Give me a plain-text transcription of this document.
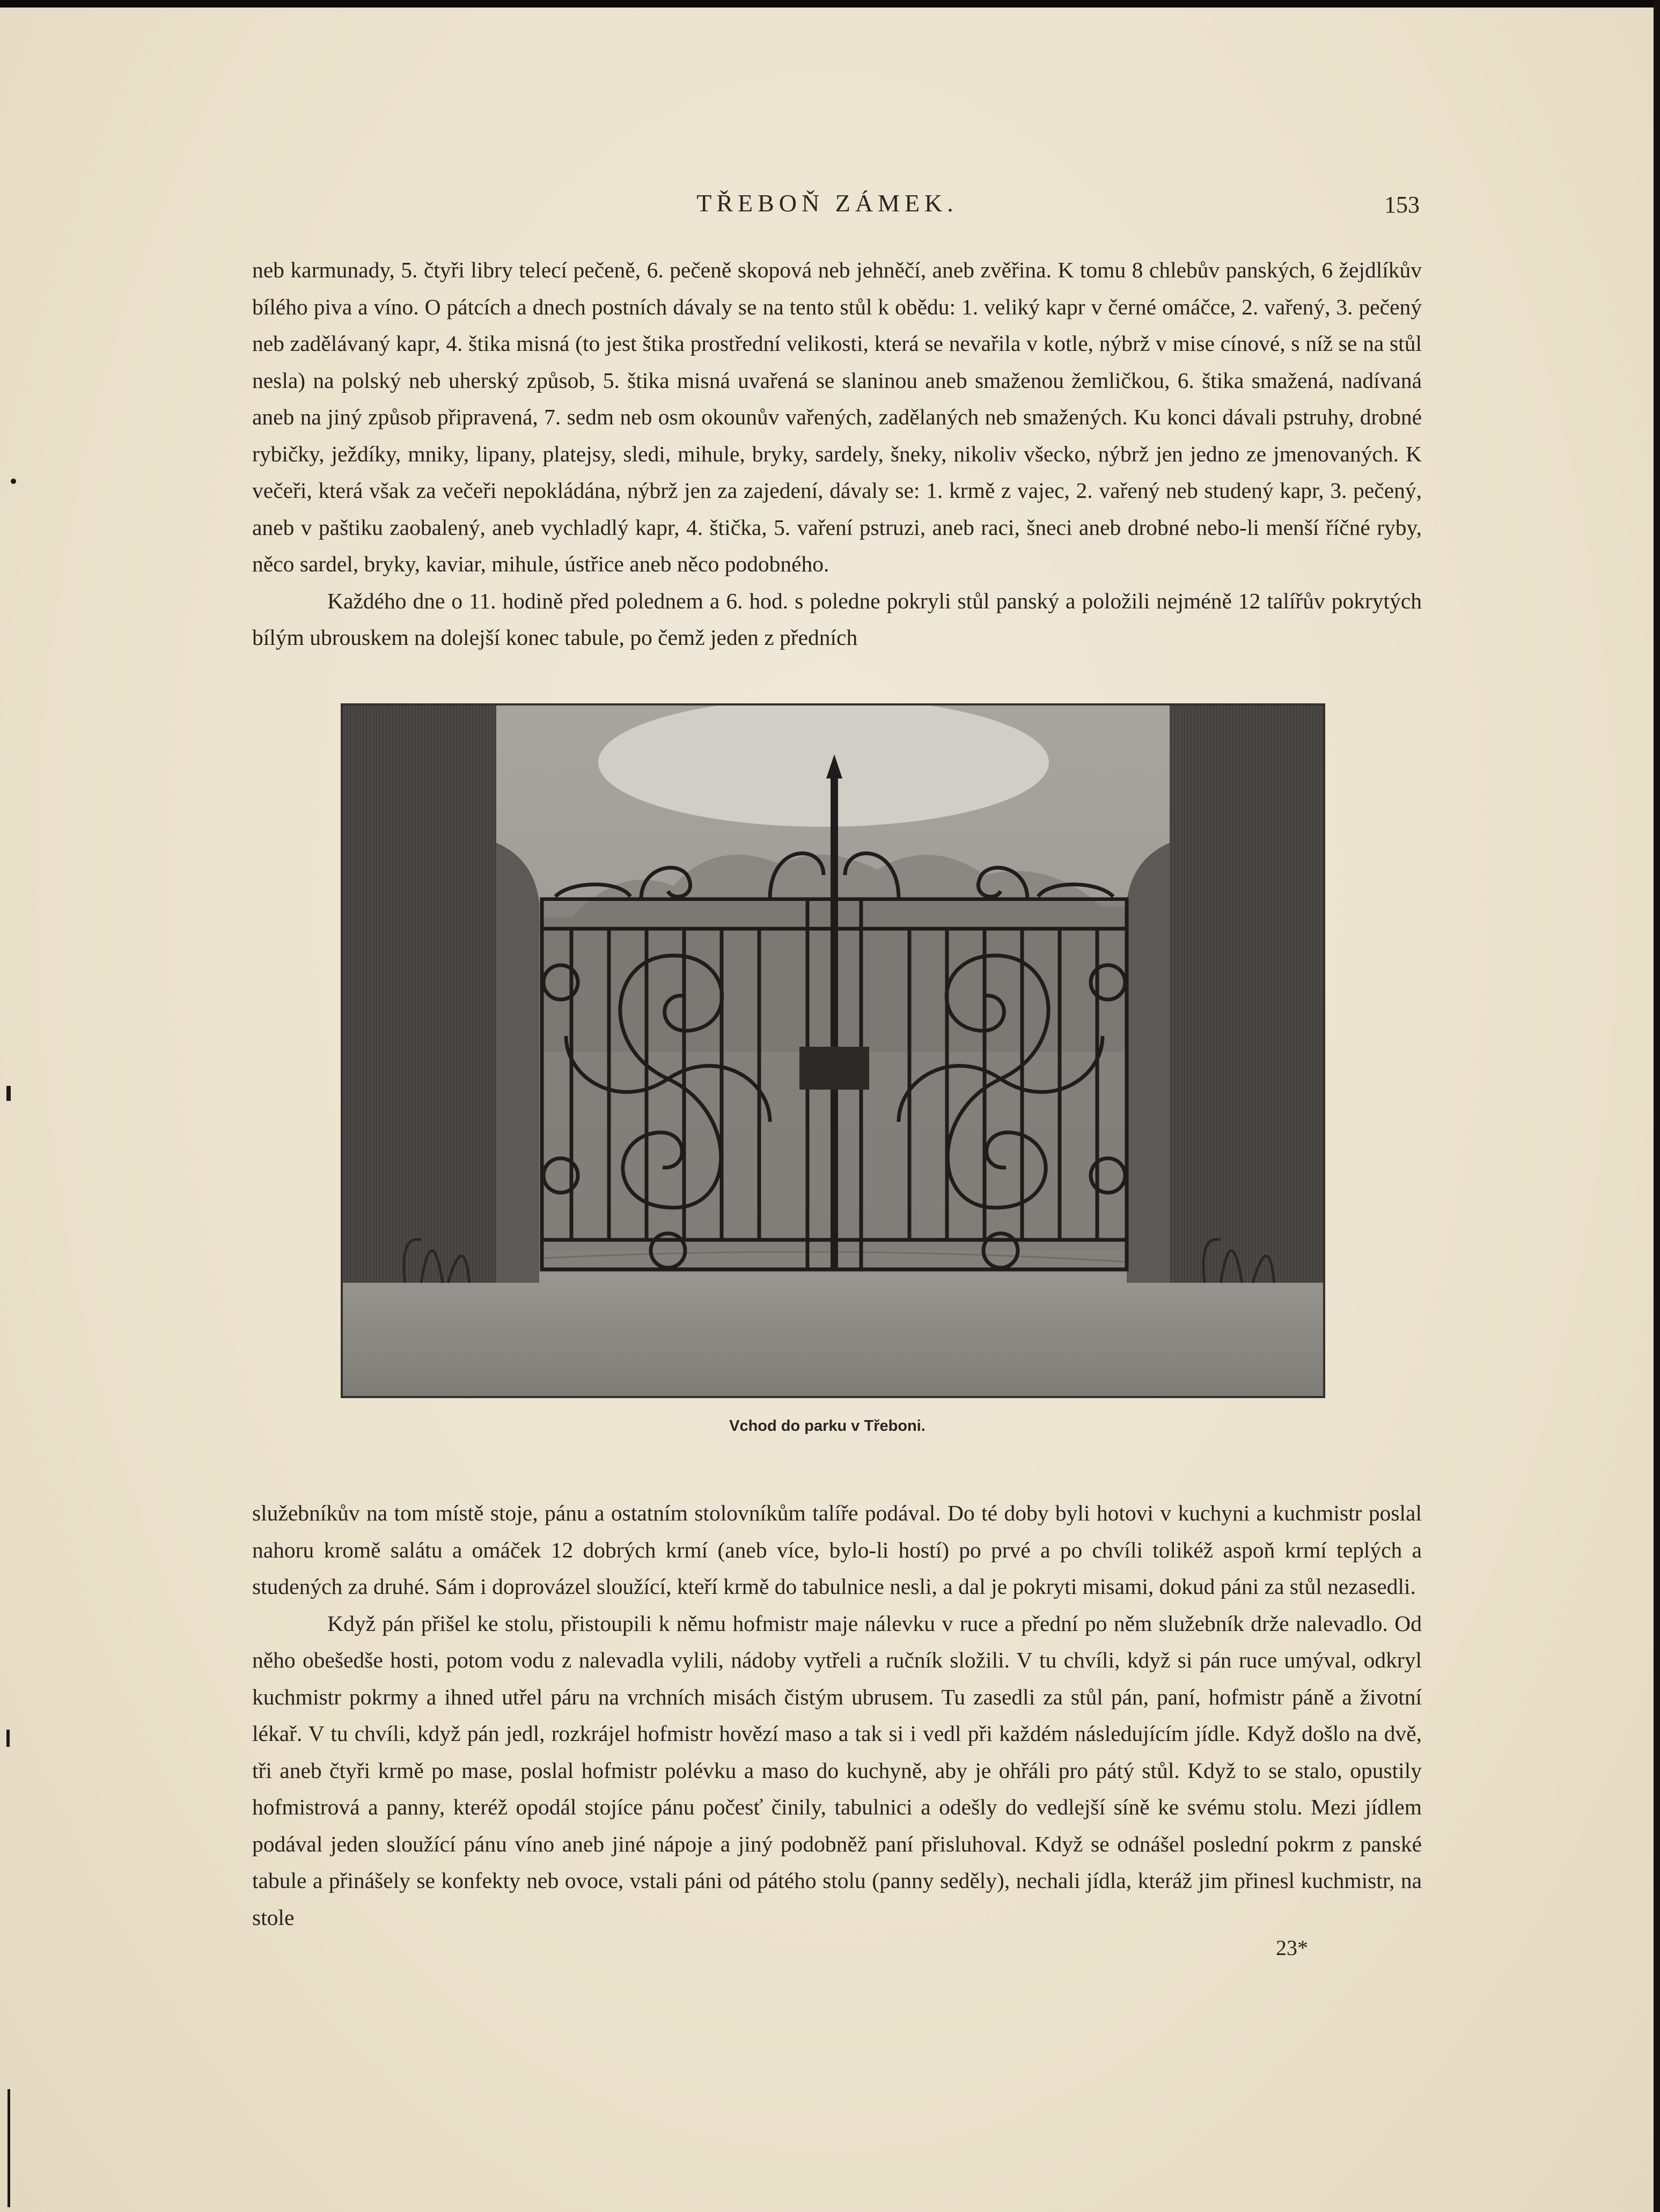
TŘEBOŇ ZÁMEK.	153

neb karmunady, 5. čtyři libry telecí pečeně, 6. pečeně skopová neb jehněčí, aneb zvěřina. K tomu 8 chlebův panských, 6 žejdlíkův bílého piva a víno. O pátcích a dnech postních dávaly se na tento stůl k obědu: 1. veliký kapr v černé omáčce, 2. vařený, 3. pečený neb zadělávaný kapr, 4. štika misná (to jest štika prostřední velikosti, která se nevařila v kotle, nýbrž v mise cínové, s níž se na stůl nesla) na polský neb uherský způsob, 5. štika misná uvařená se slaninou aneb smaženou žemličkou, 6. štika smažená, nadívaná aneb na jiný způsob připravená, 7. sedm neb osm okounův vařených, zadělaných neb smažených. Ku konci dávali pstruhy, drobné rybičky, ježdíky, mniky, lipany, platejsy, sledi, mihule, bryky, sardely, šneky, nikoliv všecko, nýbrž jen jedno ze jmenovaných. K večeři, která však za večeři nepokládána, nýbrž jen za zajedení, dávaly se: 1. krmě z vajec, 2. vařený neb studený kapr, 3. pečený, aneb v paštiku zaobalený, aneb vychladlý kapr, 4. štička, 5. vaření pstruzi, aneb raci, šneci aneb drobné nebo-li menší říčné ryby, něco sardel, bryky, kaviar, mihule, ústřice aneb něco podobného.

Každého dne o 11. hodině před polednem a 6. hod. s poledne pokryli stůl panský a položili nejméně 12 talířův pokrytých bílým ubrouskem na dolejší konec tabule, po čemž jeden z předních

Vchod do parku v Třeboni.

služebníkův na tom místě stoje, pánu a ostatním stolovníkům talíře podával. Do té doby byli hotovi v kuchyni a kuchmistr poslal nahoru kromě salátu a omáček 12 dobrých krmí (aneb více, bylo-li hostí) po prvé a po chvíli tolikéž aspoň krmí teplých a studených za druhé. Sám i doprovázel sloužící, kteří krmě do tabulnice nesli, a dal je pokryti misami, dokud páni za stůl nezasedli.

Když pán přišel ke stolu, přistoupili k němu hofmistr maje nálevku v ruce a přední po něm služebník drže nalevadlo. Od něho obešedše hosti, potom vodu z nalevadla vylili, nádoby vytřeli a ručník složili. V tu chvíli, když si pán ruce umýval, odkryl kuchmistr pokrmy a ihned utřel páru na vrchních misách čistým ubrusem. Tu zasedli za stůl pán, paní, hofmistr páně a životní lékař. V tu chvíli, když pán jedl, rozkrájel hofmistr hovězí maso a tak si i vedl při každém následujícím jídle. Když došlo na dvě, tři aneb čtyři krmě po mase, poslal hofmistr polévku a maso do kuchyně, aby je ohřáli pro pátý stůl. Když to se stalo, opustily hofmistrová a panny, kteréž opodál stojíce pánu počesť činily, tabulnici a odešly do vedlejší síně ke svému stolu. Mezi jídlem podával jeden sloužící pánu víno aneb jiné nápoje a jiný podobněž paní přisluhoval. Když se odnášel poslední pokrm z panské tabule a přinášely se konfekty neb ovoce, vstali páni od pátého stolu (panny seděly), nechali jídla, kteráž jim přinesl kuchmistr, na stole

23*
